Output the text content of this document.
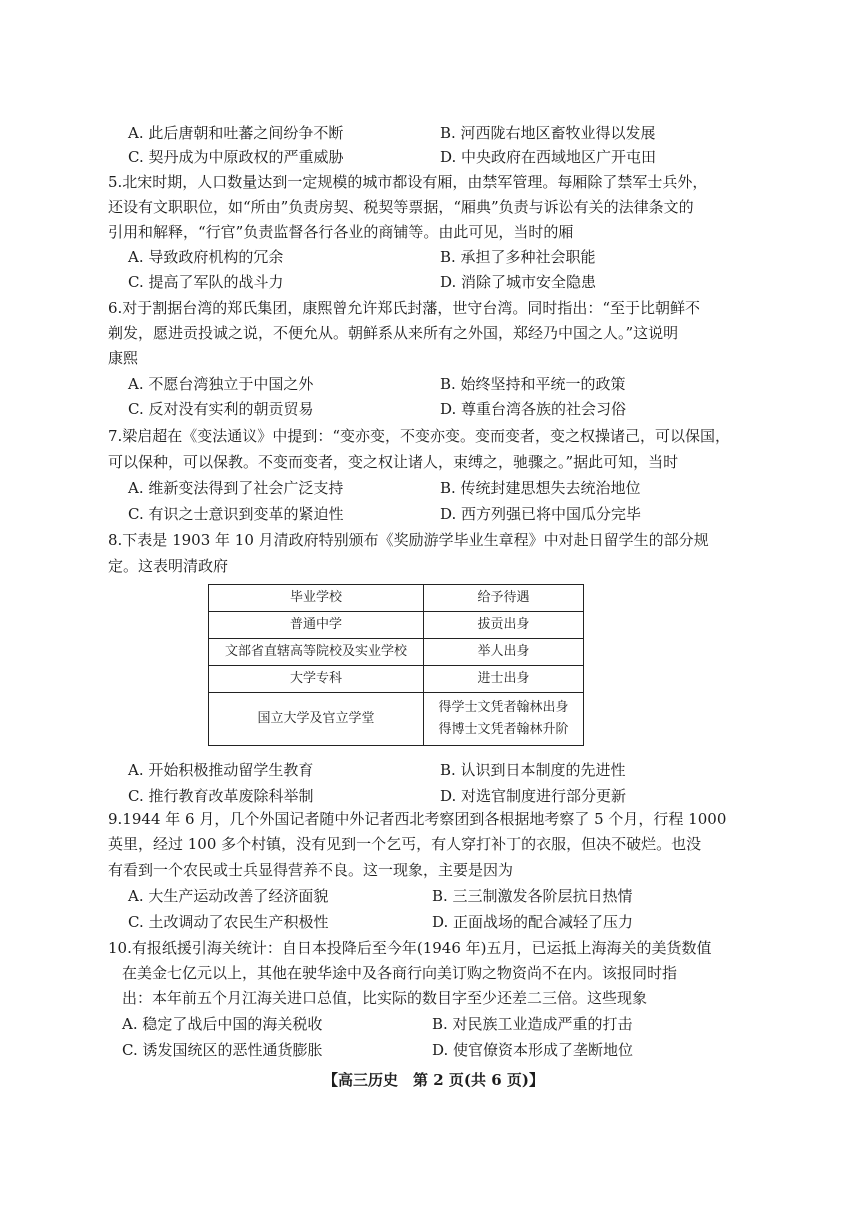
A. 此后唐朝和吐蕃之间纷争不断	B. 河西陇右地区畜牧业得以发展
C. 契丹成为中原政权的严重威胁	D. 中央政府在西域地区广开屯田
5.北宋时期，人口数量达到一定规模的城市都设有厢，由禁军管理。每厢除了禁军士兵外，
还设有文职职位，如“所由”负责房契、税契等票据，“厢典”负责与诉讼有关的法律条文的
引用和解释，“行官”负责监督各行各业的商铺等。由此可见，当时的厢
A. 导致政府机构的冗余	B. 承担了多种社会职能
C. 提高了军队的战斗力	D. 消除了城市安全隐患
6.对于割据台湾的郑氏集团，康熙曾允许郑氏封藩，世守台湾。同时指出：“至于比朝鲜不
剃发，愿进贡投诚之说，不便允从。朝鲜系从来所有之外国，郑经乃中国之人。”这说明
康熙
A. 不愿台湾独立于中国之外	B. 始终坚持和平统一的政策
C. 反对没有实利的朝贡贸易	D. 尊重台湾各族的社会习俗
7.梁启超在《变法通议》中提到：“变亦变，不变亦变。变而变者，变之权操诸己，可以保国，
可以保种，可以保教。不变而变者，变之权让诸人，束缚之，驰骤之。”据此可知，当时
A. 维新变法得到了社会广泛支持	B. 传统封建思想失去统治地位
C. 有识之士意识到变革的紧迫性	D. 西方列强已将中国瓜分完毕
8.下表是 1903 年 10 月清政府特别颁布《奖励游学毕业生章程》中对赴日留学生的部分规
定。这表明清政府
毕业学校	给予待遇
普通中学	拔贡出身
文部省直辖高等院校及实业学校	举人出身
大学专科	进士出身
国立大学及官立学堂	得学士文凭者翰林出身
得博士文凭者翰林升阶
A. 开始积极推动留学生教育	B. 认识到日本制度的先进性
C. 推行教育改革废除科举制	D. 对选官制度进行部分更新
9.1944 年 6 月，几个外国记者随中外记者西北考察团到各根据地考察了 5 个月，行程 1000
英里，经过 100 多个村镇，没有见到一个乞丐，有人穿打补丁的衣服，但决不破烂。也没
有看到一个农民或士兵显得营养不良。这一现象，主要是因为
A. 大生产运动改善了经济面貌	B. 三三制激发各阶层抗日热情
C. 土改调动了农民生产积极性	D. 正面战场的配合减轻了压力
10.有报纸援引海关统计：自日本投降后至今年(1946 年)五月，已运抵上海海关的美货数值
在美金七亿元以上，其他在驶华途中及各商行向美订购之物资尚不在内。该报同时指
出：本年前五个月江海关进口总值，比实际的数目字至少还差二三倍。这些现象
A. 稳定了战后中国的海关税收	B. 对民族工业造成严重的打击
C. 诱发国统区的恶性通货膨胀	D. 使官僚资本形成了垄断地位
【高三历史　第 2 页(共 6 页)】
